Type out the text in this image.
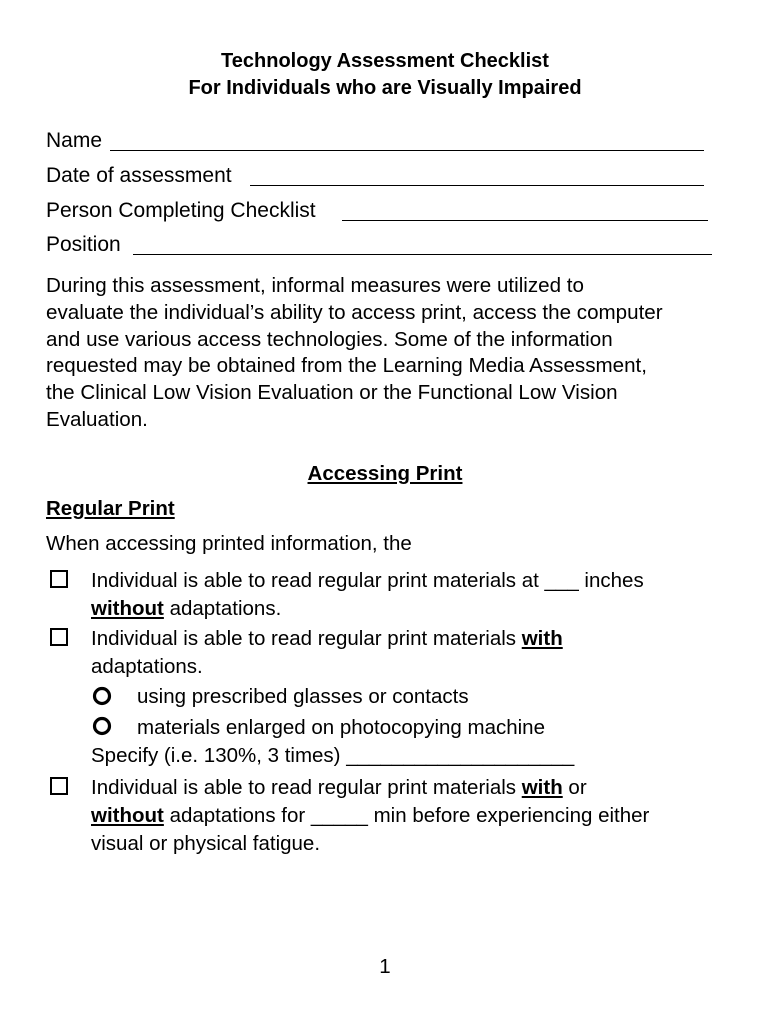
Technology Assessment Checklist
For Individuals who are Visually Impaired
Name
Date of assessment
Person Completing Checklist
Position
During this assessment, informal measures were utilized to
evaluate the individual’s ability to access print, access the computer
and use various access technologies. Some of the information
requested may be obtained from the Learning Media Assessment,
the Clinical Low Vision Evaluation or the Functional Low Vision
Evaluation.
Accessing Print
Regular Print
When accessing printed information, the
Individual is able to read regular print materials at ___ inches
without adaptations.
Individual is able to read regular print materials with
adaptations.
using prescribed glasses or contacts
materials enlarged on photocopying machine
Specify (i.e. 130%, 3 times) ____________________
Individual is able to read regular print materials with or
without adaptations for _____ min before experiencing either
visual or physical fatigue.
1
